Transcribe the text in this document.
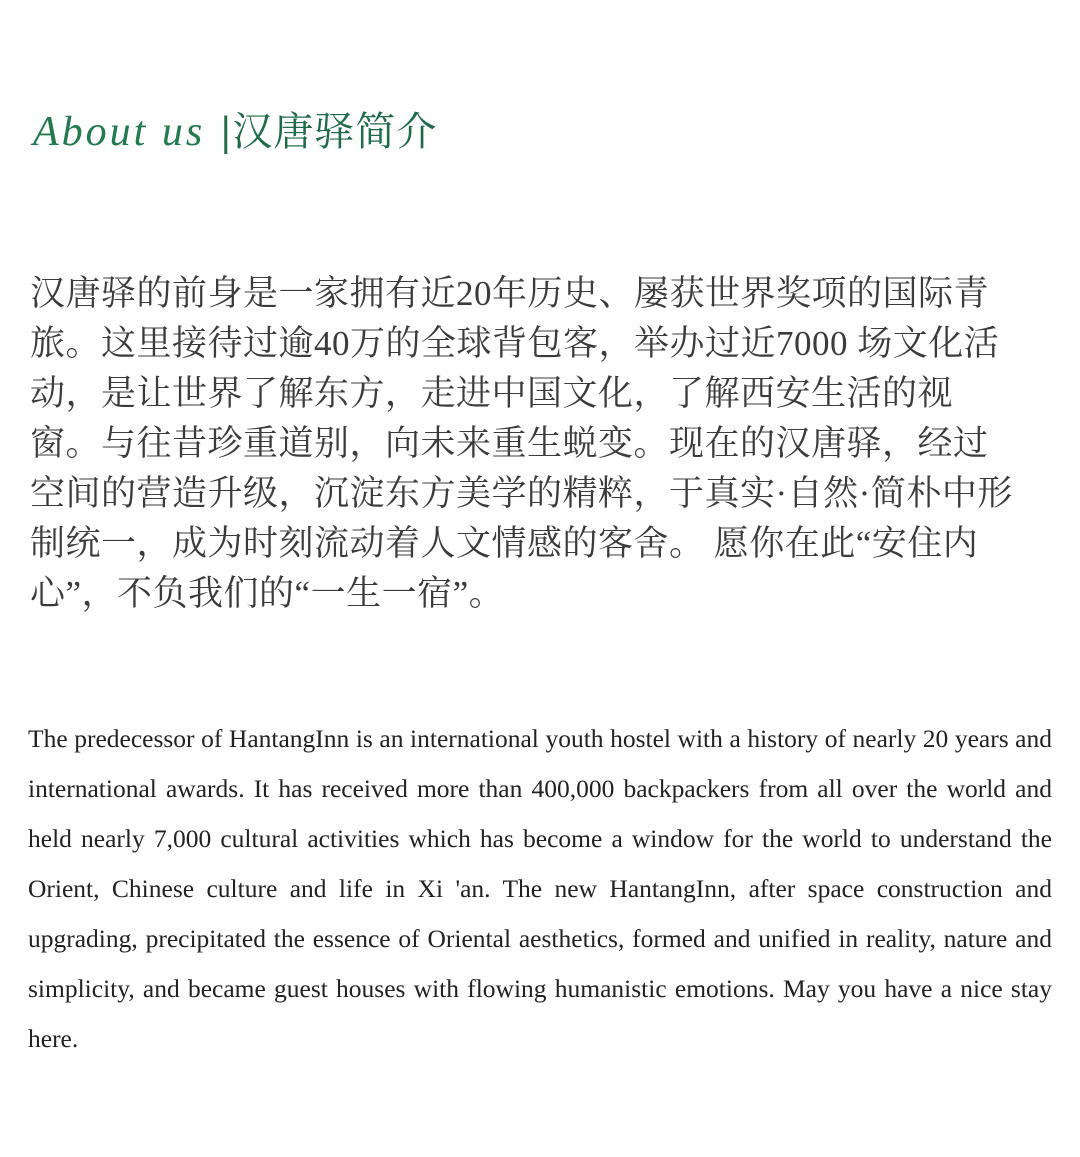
About us |汉唐驿简介

汉唐驿的前身是一家拥有近20年历史、屡获世界奖项的国际青旅。这里接待过逾40万的全球背包客，举办过近7000 场文化活动，是让世界了解东方，走进中国文化，了解西安生活的视窗。与往昔珍重道别，向未来重生蜕变。现在的汉唐驿，经过空间的营造升级，沉淀东方美学的精粹，于真实·自然·简朴中形制统一，成为时刻流动着人文情感的客舍。 愿你在此“安住内心”，不负我们的“一生一宿”。

The predecessor of HantangInn is an international youth hostel with a history of nearly 20 years and international awards. It has received more than 400,000 backpackers from all over the world and held nearly 7,000 cultural activities which has become a window for the world to understand the Orient, Chinese culture and life in Xi 'an. The new HantangInn, after space construction and upgrading, precipitated the essence of Oriental aesthetics, formed and unified in reality, nature and simplicity, and became guest houses with flowing humanistic emotions. May you have a nice stay here.
